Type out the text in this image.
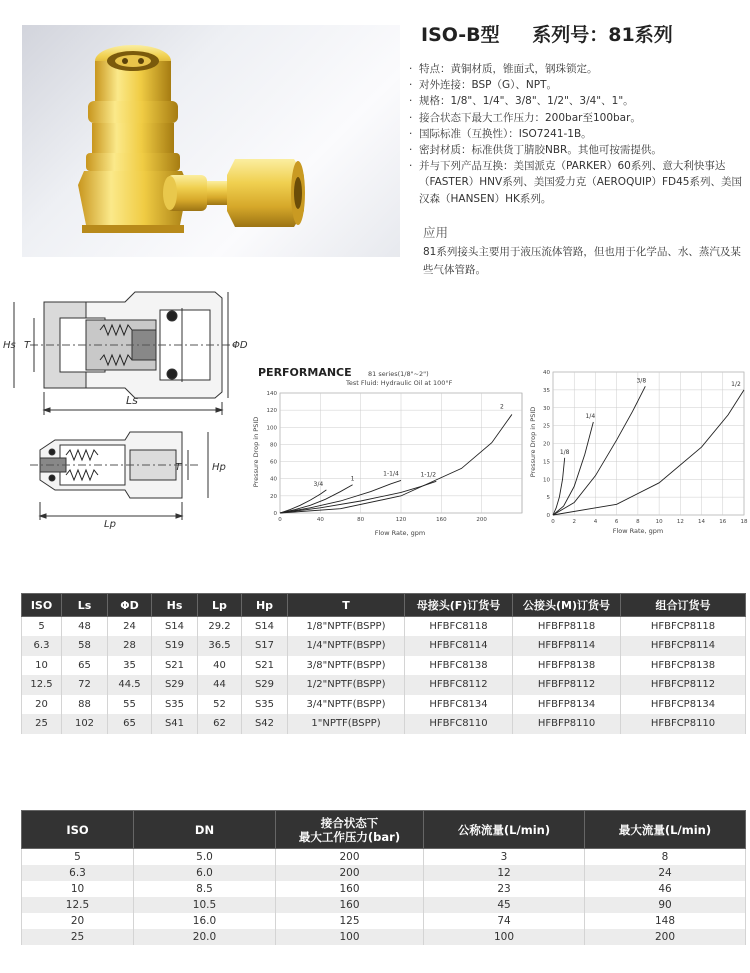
ISO-B型 系列号：81系列
· 特点：黄铜材质，锥面式，钢珠锁定。
· 对外连接：BSP（G）、NPT。
· 规格：1/8"、1/4"、3/8"、1/2"、3/4"、1"。
· 接合状态下最大工作压力：200bar至100bar。
· 国际标准（互换性）：ISO7241-1B。
· 密封材质：标准供货丁腈胶NBR。其他可按需提供。
· 并与下列产品互换：美国派克（PARKER）60系列、意大利快事达（FASTER）HNV系列、美国爱力克（AEROQUIP）FD45系列、美国汉森（HANSEN）HK系列。
应用
81系列接头主要用于液压流体管路，但也用于化学品、水、蒸汽及某些气体管路。
Hs T	ΦD
Ls
T	Hp
Lp
PERFORMANCE	81 series(1/8"~2")
Test Fluid: Hydraulic Oil at 100°F
Flow Rate, gpm
Pressure Drop in PSID
0
20
40
60
80
100
120
140
0	40	80	120	160	200
3/4
1
1-1/4	1-1/2
2
Flow Rate, gpm
Pressure Drop in PSID
0
5
10
15
20
25
30
35
40
0	2	4	6	8	10	12	14	16	18
1/8
1/4
3/8
1/2
ISO	Ls	ΦD	Hs	Lp	Hp	T	母接头(F)订货号	公接头(M)订货号	组合订货号
5	48	24	S14	29.2	S14	1/8"NPTF(BSPP)	HFBFC8118	HFBFP8118	HFBFCP8118
6.3	58	28	S19	36.5	S17	1/4"NPTF(BSPP)	HFBFC8114	HFBFP8114	HFBFCP8114
10	65	35	S21	40	S21	3/8"NPTF(BSPP)	HFBFC8138	HFBFP8138	HFBFCP8138
12.5	72	44.5	S29	44	S29	1/2"NPTF(BSPP)	HFBFC8112	HFBFP8112	HFBFCP8112
20	88	55	S35	52	S35	3/4"NPTF(BSPP)	HFBFC8134	HFBFP8134	HFBFCP8134
25	102	65	S41	62	S42	1"NPTF(BSPP)	HFBFC8110	HFBFP8110	HFBFCP8110
ISO	DN	接合状态下
最大工作压力(bar)	公称流量(L/min)	最大流量(L/min)
5	5.0	200	3	8
6.3	6.0	200	12	24
10	8.5	160	23	46
12.5	10.5	160	45	90
20	16.0	125	74	148
25	20.0	100	100	200
